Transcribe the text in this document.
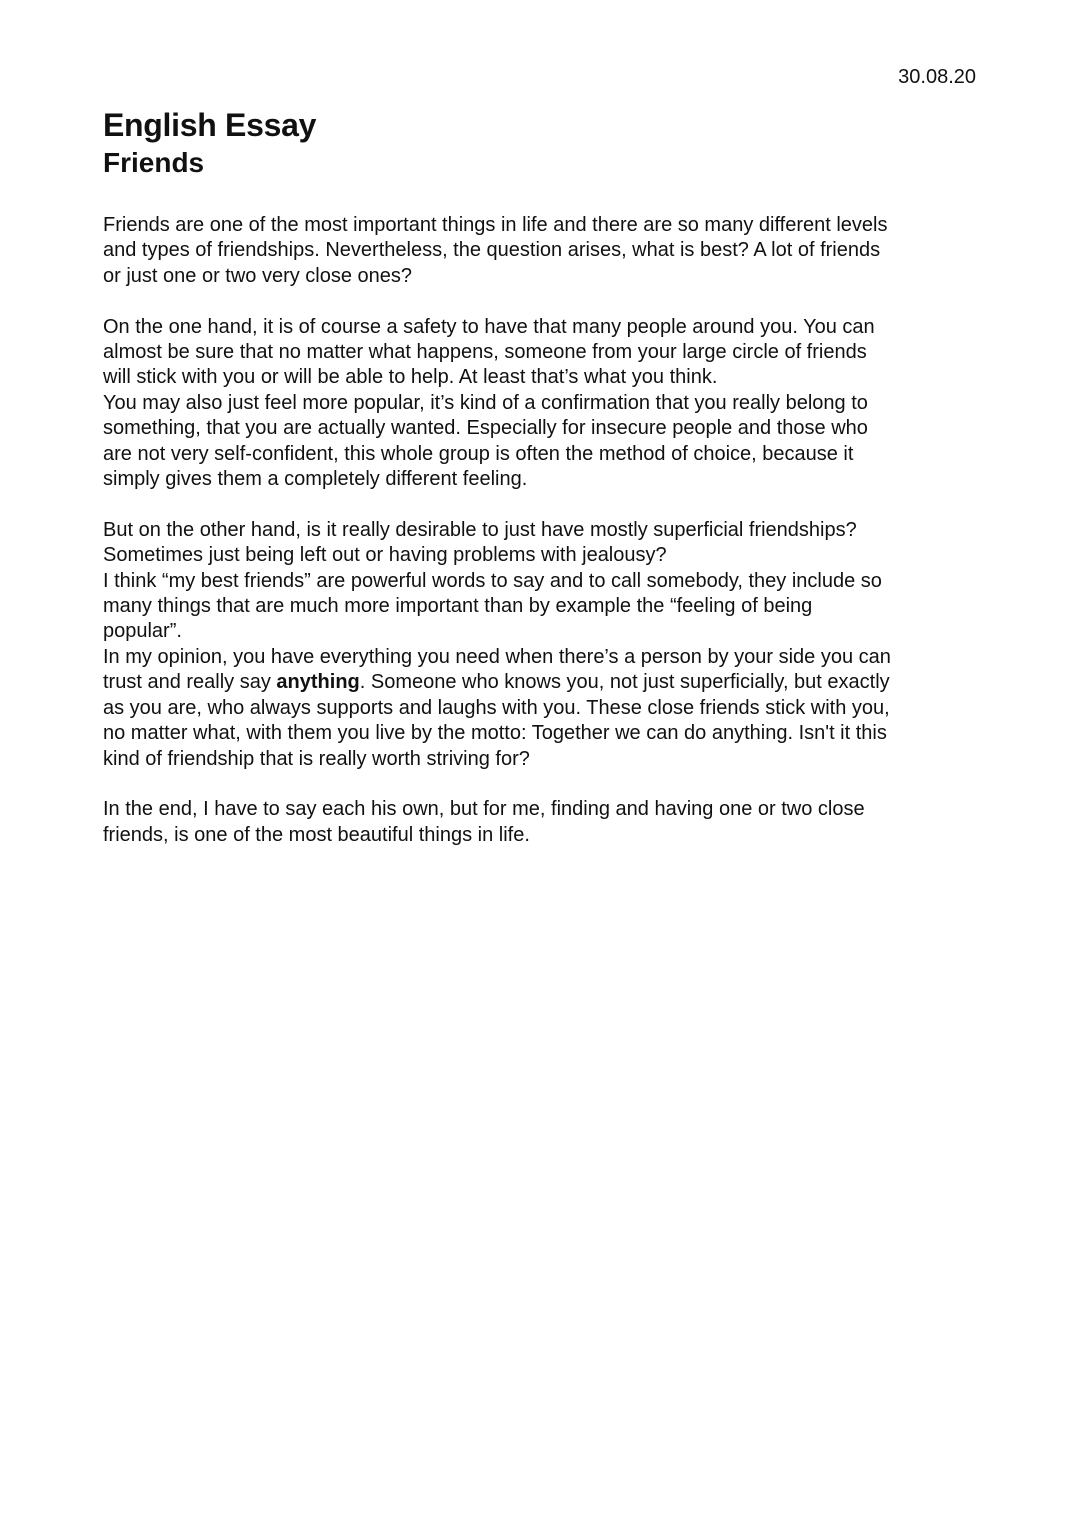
30.08.20
English Essay
Friends
Friends are one of the most important things in life and there are so many different levels
and types of friendships. Nevertheless, the question arises, what is best? A lot of friends
or just one or two very close ones?
On the one hand, it is of course a safety to have that many people around you. You can
almost be sure that no matter what happens, someone from your large circle of friends
will stick with you or will be able to help. At least that’s what you think.
You may also just feel more popular, it’s kind of a confirmation that you really belong to
something, that you are actually wanted. Especially for insecure people and those who
are not very self-confident, this whole group is often the method of choice, because it
simply gives them a completely different feeling.
But on the other hand, is it really desirable to just have mostly superficial friendships?
Sometimes just being left out or having problems with jealousy?
I think “my best friends” are powerful words to say and to call somebody, they include so
many things that are much more important than by example the “feeling of being
popular”.
In my opinion, you have everything you need when there’s a person by your side you can
trust and really say anything. Someone who knows you, not just superficially, but exactly
as you are, who always supports and laughs with you. These close friends stick with you,
no matter what, with them you live by the motto: Together we can do anything. Isn't it this
kind of friendship that is really worth striving for?
In the end, I have to say each his own, but for me, finding and having one or two close
friends, is one of the most beautiful things in life.
